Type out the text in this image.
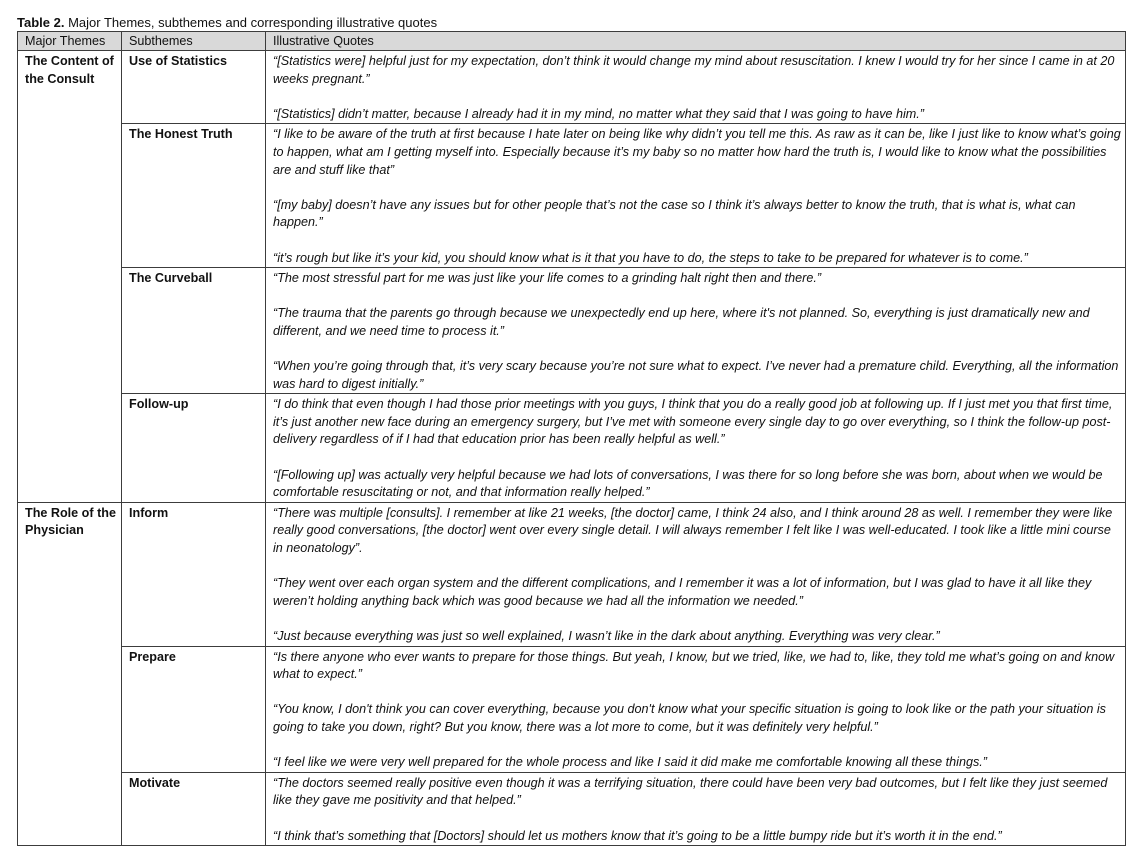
Table 2. Major Themes, subthemes and corresponding illustrative quotes

Major Themes	Subthemes	Illustrative Quotes
The Content of the Consult	Use of Statistics	“[Statistics were] helpful just for my expectation, don’t think it would change my mind about resuscitation. I knew I would try for her since I came in at 20 weeks pregnant.”

“[Statistics] didn’t matter, because I already had it in my mind, no matter what they said that I was going to have him.”

	The Honest Truth	“I like to be aware of the truth at first because I hate later on being like why didn’t you tell me this. As raw as it can be, like I just like to know what’s going to happen, what am I getting myself into. Especially because it’s my baby so no matter how hard the truth is, I would like to know what the possibilities are and stuff like that”

“[my baby] doesn’t have any issues but for other people that’s not the case so I think it’s always better to know the truth, that is what is, what can happen.”

“it’s rough but like it’s your kid, you should know what is it that you have to do, the steps to take to be prepared for whatever is to come.”

	The Curveball	“The most stressful part for me was just like your life comes to a grinding halt right then and there.”

“The trauma that the parents go through because we unexpectedly end up here, where it's not planned. So, everything is just dramatically new and different, and we need time to process it.”

“When you’re going through that, it’s very scary because you’re not sure what to expect. I’ve never had a premature child. Everything, all the information was hard to digest initially.”

	Follow-up	“I do think that even though I had those prior meetings with you guys, I think that you do a really good job at following up. If I just met you that first time, it’s just another new face during an emergency surgery, but I’ve met with someone every single day to go over everything, so I think the follow-up post-delivery regardless of if I had that education prior has been really helpful as well.”

“[Following up] was actually very helpful because we had lots of conversations, I was there for so long before she was born, about when we would be comfortable resuscitating or not, and that information really helped.”

The Role of the Physician	Inform	“There was multiple [consults]. I remember at like 21 weeks, [the doctor] came, I think 24 also, and I think around 28 as well. I remember they were like really good conversations, [the doctor] went over every single detail. I will always remember I felt like I was well-educated. I took like a little mini course in neonatology”.

“They went over each organ system and the different complications, and I remember it was a lot of information, but I was glad to have it all like they weren’t holding anything back which was good because we had all the information we needed.”

“Just because everything was just so well explained, I wasn’t like in the dark about anything. Everything was very clear.”

	Prepare	“Is there anyone who ever wants to prepare for those things. But yeah, I know, but we tried, like, we had to, like, they told me what’s going on and know what to expect.”

“You know, I don't think you can cover everything, because you don't know what your specific situation is going to look like or the path your situation is going to take you down, right? But you know, there was a lot more to come, but it was definitely very helpful.”

“I feel like we were very well prepared for the whole process and like I said it did make me comfortable knowing all these things.”

	Motivate	“The doctors seemed really positive even though it was a terrifying situation, there could have been very bad outcomes, but I felt like they just seemed like they gave me positivity and that helped.”

“I think that’s something that [Doctors] should let us mothers know that it’s going to be a little bumpy ride but it’s worth it in the end.”
